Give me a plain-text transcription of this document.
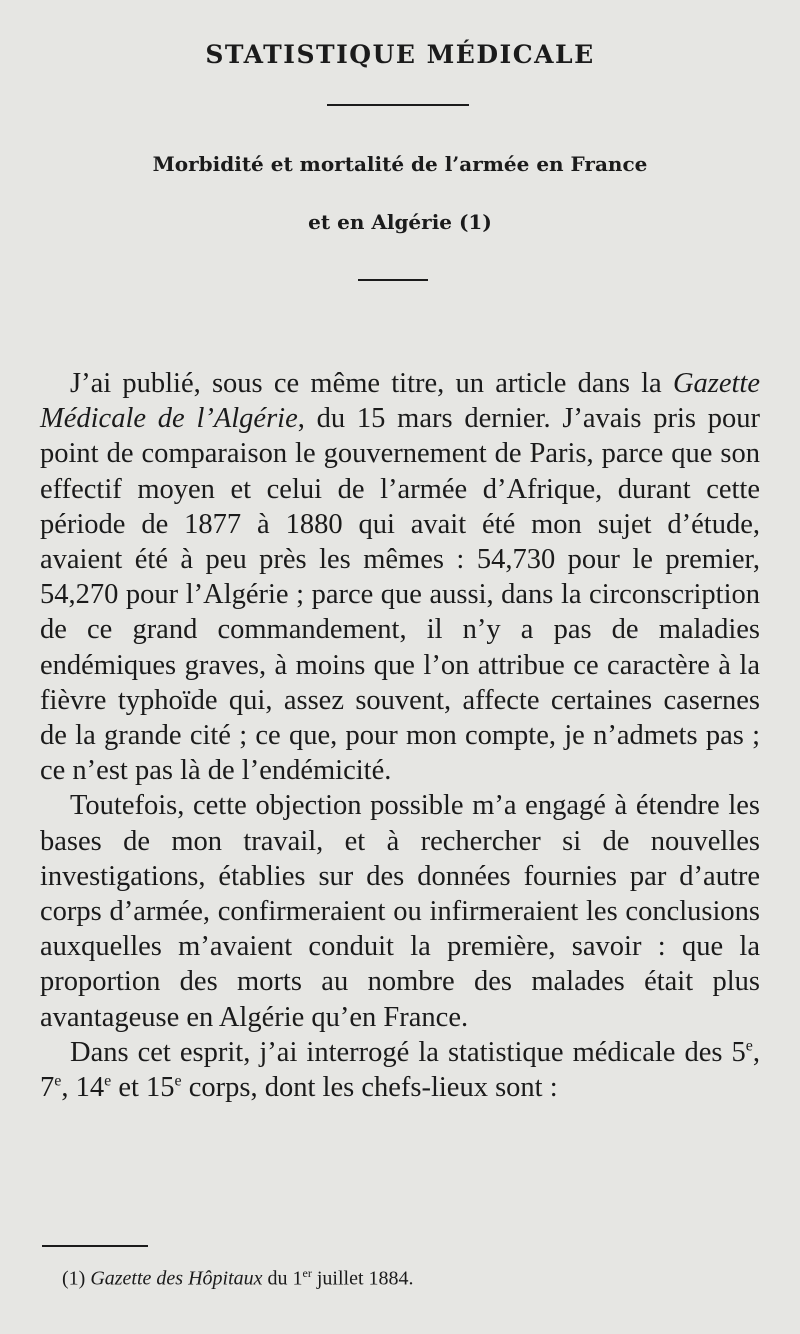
STATISTIQUE MÉDICALE
Morbidité et mortalité de l’armée en France
et en Algérie (1)

J’ai publié, sous ce même titre, un article dans la Gazette Médicale de l’Algérie, du 15 mars dernier. J’avais pris pour point de comparaison le gouvernement de Paris, parce que son effectif moyen et celui de l’armée d’Afrique, durant cette période de 1877 à 1880 qui avait été mon sujet d’étude, avaient été à peu près les mêmes : 54,730 pour le premier, 54,270 pour l’Algérie ; parce que aussi, dans la circonscription de ce grand commandement, il n’y a pas de maladies endémiques graves, à moins que l’on attribue ce caractère à la fièvre typhoïde qui, assez souvent, affecte certaines casernes de la grande cité ; ce que, pour mon compte, je n’admets pas ; ce n’est pas là de l’endémicité.

Toutefois, cette objection possible m’a engagé à étendre les bases de mon travail, et à rechercher si de nouvelles investigations, établies sur des données fournies par d’autre corps d’armée, confirmeraient ou infirmeraient les conclusions auxquelles m’avaient conduit la première, savoir : que la proportion des morts au nombre des malades était plus avantageuse en Algérie qu’en France.

Dans cet esprit, j’ai interrogé la statistique médicale des 5e, 7e, 14e et 15e corps, dont les chefs-lieux sont :

(1) Gazette des Hôpitaux du 1er juillet 1884.
